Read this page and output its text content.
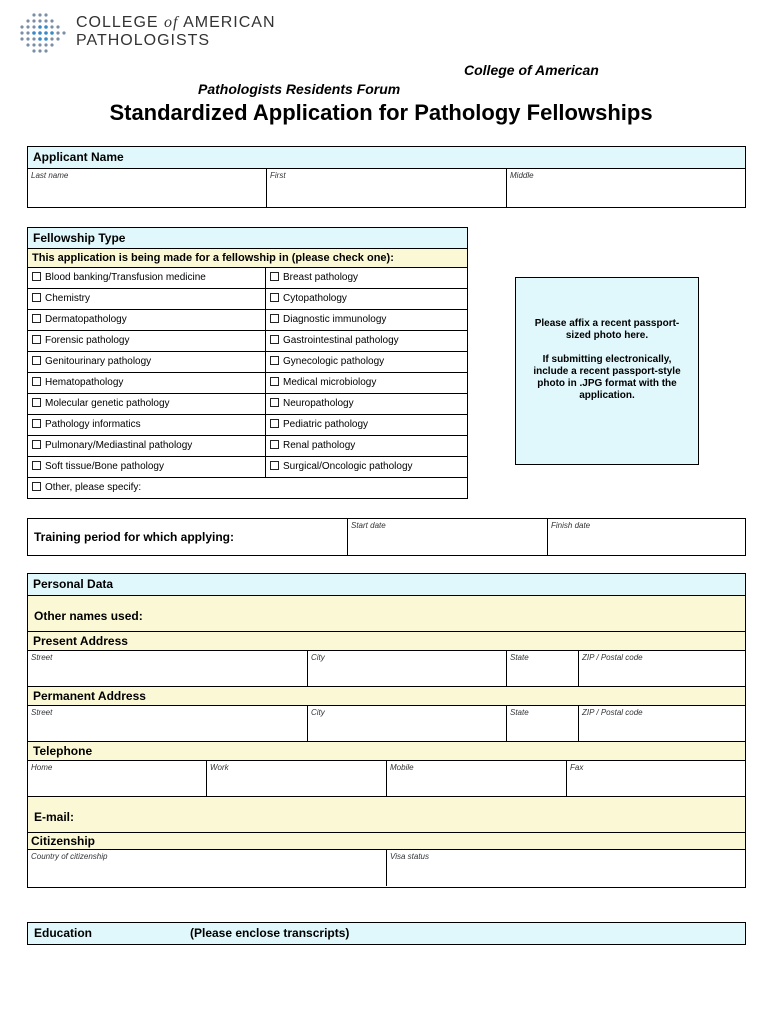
COLLEGE of AMERICAN
PATHOLOGISTS
College of American
Pathologists Residents Forum
Standardized Application for Pathology Fellowships
Applicant Name
Last name	First	Middle
Fellowship Type
This application is being made for a fellowship in (please check one):
Blood banking/Transfusion medicine	Breast pathology
Chemistry	Cytopathology
Dermatopathology	Diagnostic immunology
Forensic pathology	Gastrointestinal pathology
Genitourinary pathology	Gynecologic pathology
Hematopathology	Medical microbiology
Molecular genetic pathology	Neuropathology
Pathology informatics	Pediatric pathology
Pulmonary/Mediastinal pathology	Renal pathology
Soft tissue/Bone pathology	Surgical/Oncologic pathology
Other, please specify:

Please affix a recent passport-sized photo here.

If submitting electronically, include a recent passport-style photo in .JPG format with the application.

Training period for which applying:
Start date	Finish date
Personal Data
Other names used:
Present Address
Street	City	State	ZIP / Postal code
Permanent Address
Street	City	State	ZIP / Postal code
Telephone
Home	Work	Mobile	Fax
E-mail:
Citizenship
Country of citizenship	Visa status
Education	(Please enclose transcripts)
